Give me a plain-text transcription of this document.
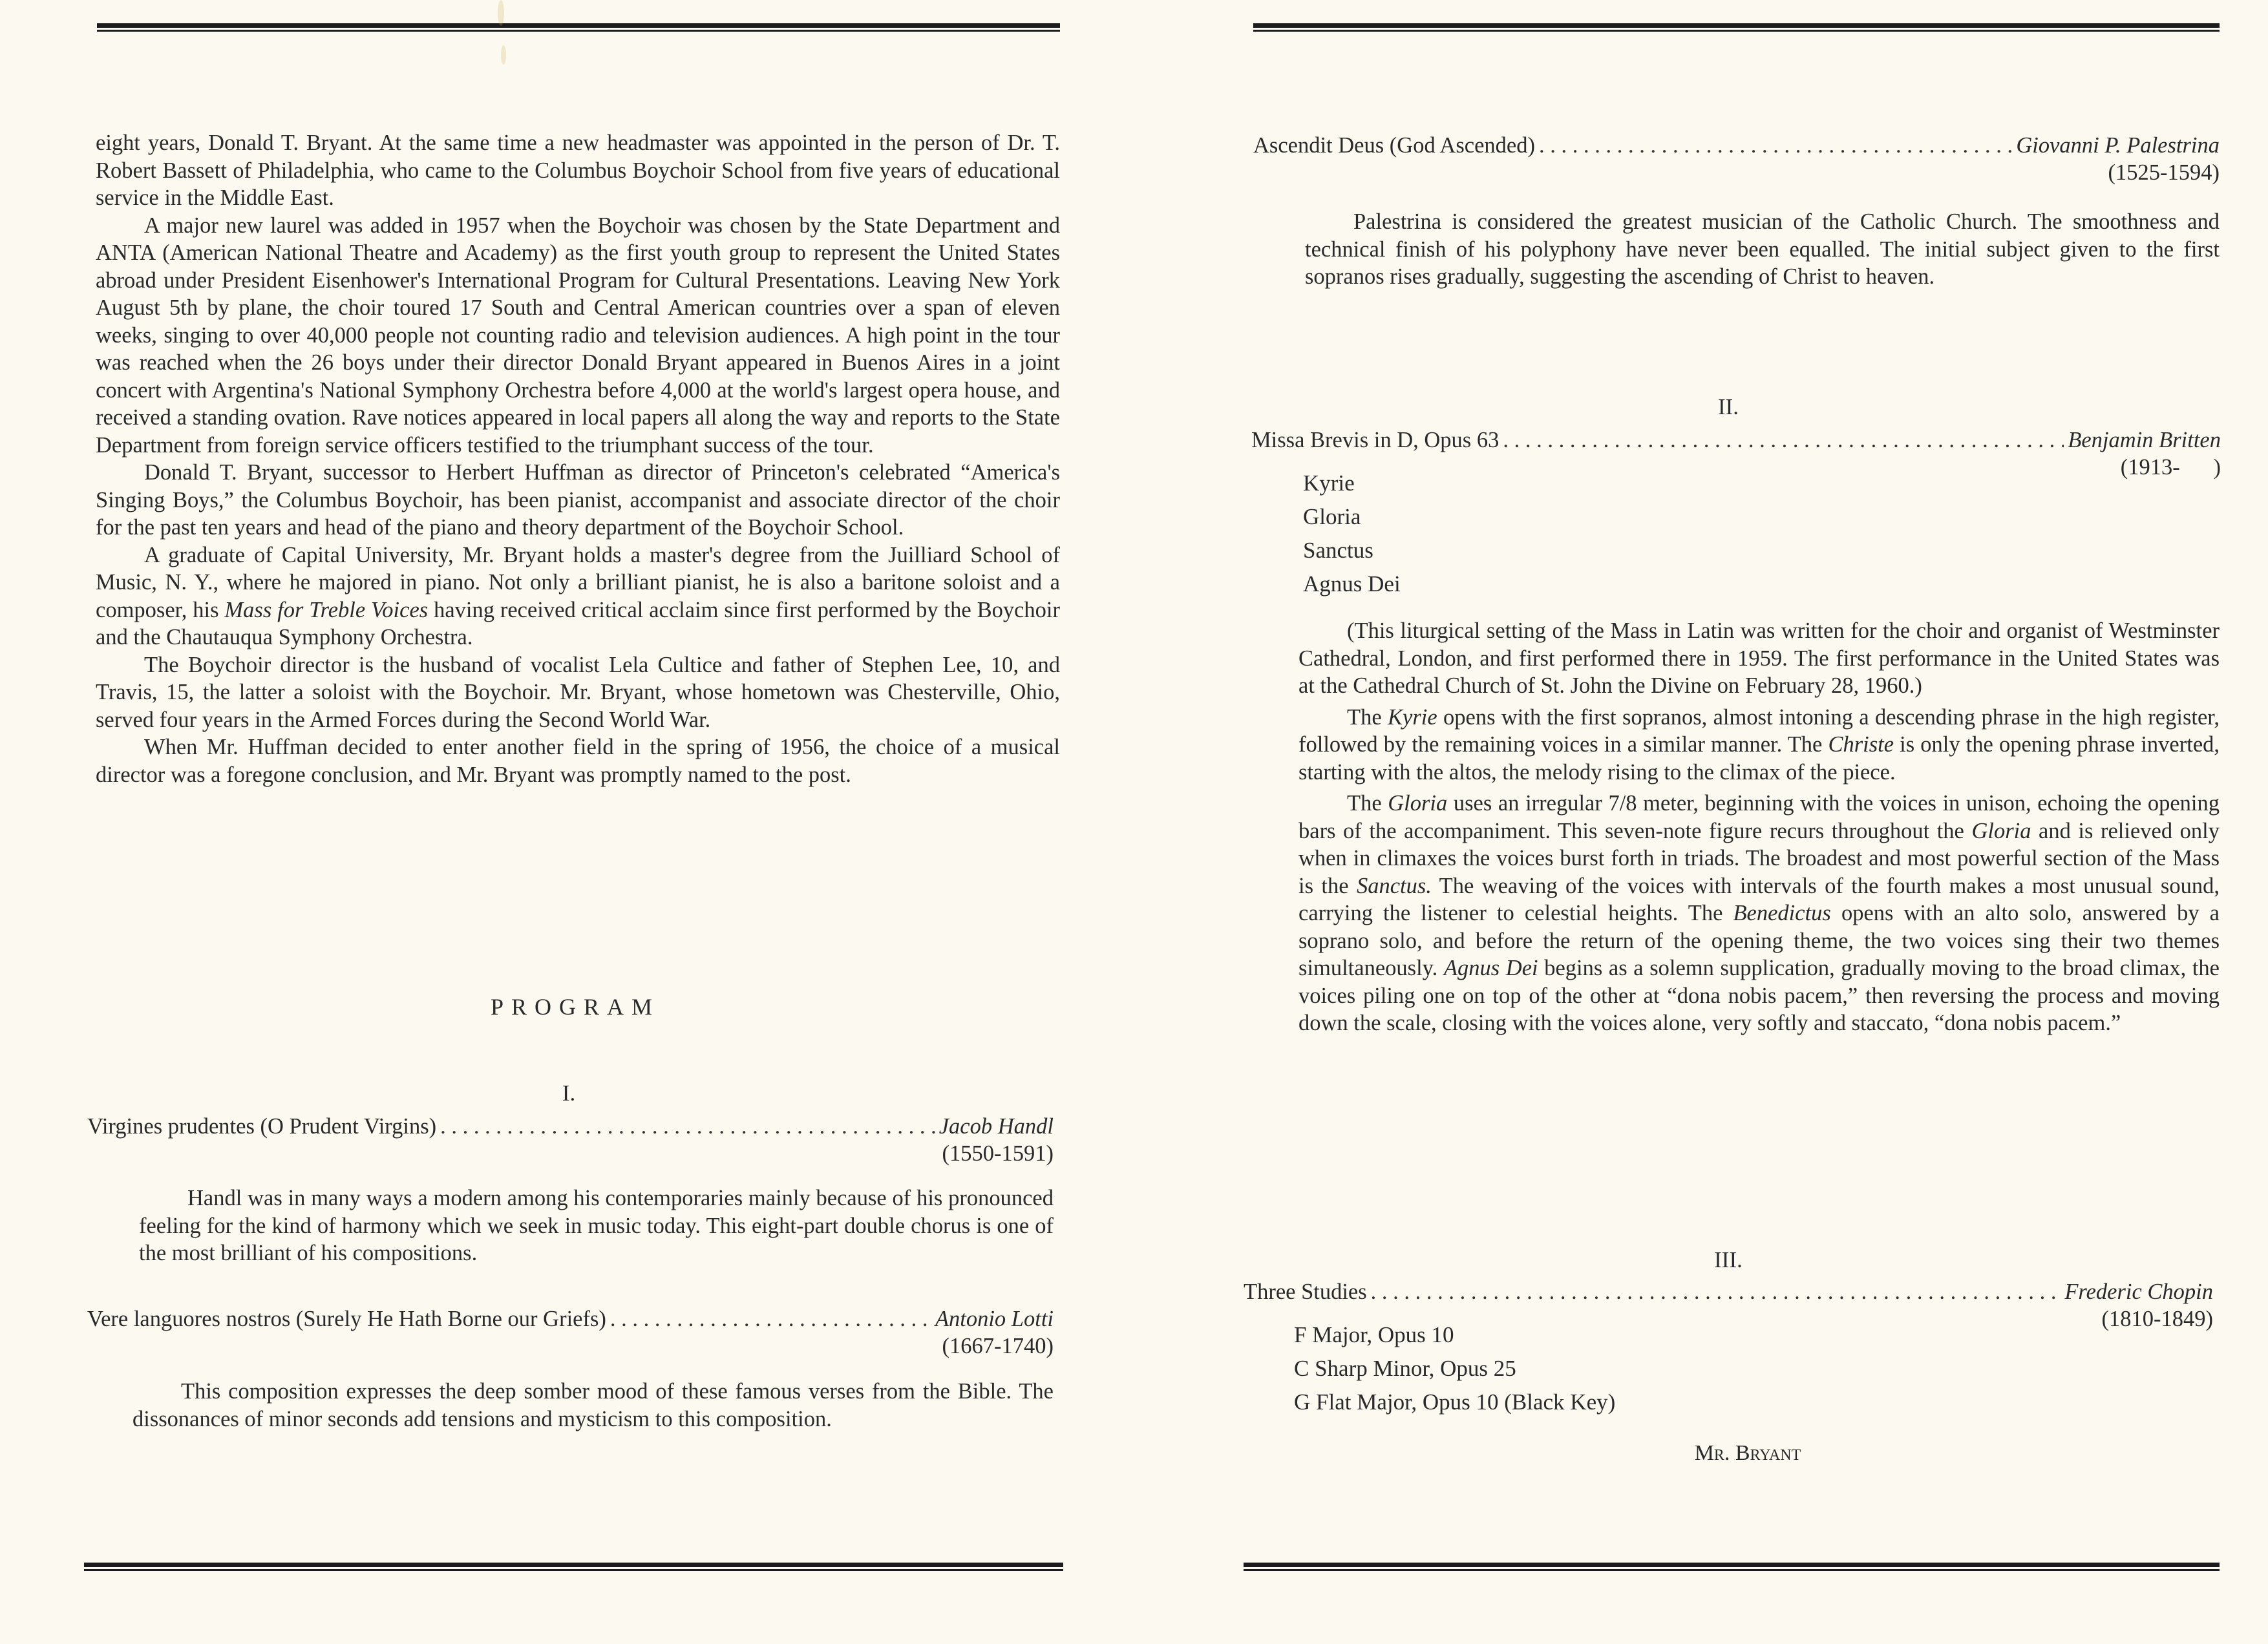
eight years, Donald T. Bryant. At the same time a new headmaster was appointed in the person of Dr. T. Robert Bassett of Philadelphia, who came to the Columbus Boychoir School from five years of educational service in the Middle East.

A major new laurel was added in 1957 when the Boychoir was chosen by the State Department and ANTA (American National Theatre and Academy) as the first youth group to represent the United States abroad under President Eisenhower's International Program for Cultural Presentations. Leaving New York August 5th by plane, the choir toured 17 South and Central American countries over a span of eleven weeks, singing to over 40,000 people not counting radio and television audiences. A high point in the tour was reached when the 26 boys under their director Donald Bryant appeared in Buenos Aires in a joint concert with Argentina's National Symphony Orchestra before 4,000 at the world's largest opera house, and received a standing ovation. Rave notices appeared in local papers all along the way and reports to the State Department from foreign service officers testified to the triumphant success of the tour.

Donald T. Bryant, successor to Herbert Huffman as director of Princeton's celebrated “America's Singing Boys,” the Columbus Boychoir, has been pianist, accompanist and associate director of the choir for the past ten years and head of the piano and theory department of the Boychoir School.

A graduate of Capital University, Mr. Bryant holds a master's degree from the Juilliard School of Music, N. Y., where he majored in piano. Not only a brilliant pianist, he is also a baritone soloist and a composer, his Mass for Treble Voices having received critical acclaim since first performed by the Boychoir and the Chautauqua Symphony Orchestra.

The Boychoir director is the husband of vocalist Lela Cultice and father of Stephen Lee, 10, and Travis, 15, the latter a soloist with the Boychoir. Mr. Bryant, whose hometown was Chesterville, Ohio, served four years in the Armed Forces during the Second World War.

When Mr. Huffman decided to enter another field in the spring of 1956, the choice of a musical director was a foregone conclusion, and Mr. Bryant was promptly named to the post.

PROGRAM
I.
Virgines prudentes (O Prudent Virgins) . . .	Jacob Handl
(1550-1591)

Handl was in many ways a modern among his contemporaries mainly because of his pronounced feeling for the kind of harmony which we seek in music today. This eight-part double chorus is one of the most brilliant of his compositions.

Vere languores nostros (Surely He Hath Borne our Griefs) . . .	Antonio Lotti
(1667-1740)

This composition expresses the deep somber mood of these famous verses from the Bible. The dissonances of minor seconds add tensions and mysticism to this composition.

Ascendit Deus (God Ascended) . . .	Giovanni P. Palestrina
(1525-1594)

Palestrina is considered the greatest musician of the Catholic Church. The smoothness and technical finish of his polyphony have never been equalled. The initial subject given to the first sopranos rises gradually, suggesting the ascending of Christ to heaven.

II.
Missa Brevis in D, Opus 63 . . .	Benjamin Britten
(1913-      )
Kyrie
Gloria
Sanctus
Agnus Dei

(This liturgical setting of the Mass in Latin was written for the choir and organist of Westminster Cathedral, London, and first performed there in 1959. The first performance in the United States was at the Cathedral Church of St. John the Divine on February 28, 1960.)

The Kyrie opens with the first sopranos, almost intoning a descending phrase in the high register, followed by the remaining voices in a similar manner. The Christe is only the opening phrase inverted, starting with the altos, the melody rising to the climax of the piece.

The Gloria uses an irregular 7/8 meter, beginning with the voices in unison, echoing the opening bars of the accompaniment. This seven-note figure recurs throughout the Gloria and is relieved only when in climaxes the voices burst forth in triads. The broadest and most powerful section of the Mass is the Sanctus. The weaving of the voices with intervals of the fourth makes a most unusual sound, carrying the listener to celestial heights. The Benedictus opens with an alto solo, answered by a soprano solo, and before the return of the opening theme, the two voices sing their two themes simultaneously. Agnus Dei begins as a solemn supplication, gradually moving to the broad climax, the voices piling one on top of the other at “dona nobis pacem,” then reversing the process and moving down the scale, closing with the voices alone, very softly and staccato, “dona nobis pacem.”

III.
Three Studies . . .	Frederic Chopin
(1810-1849)
F Major, Opus 10
C Sharp Minor, Opus 25
G Flat Major, Opus 10 (Black Key)
Mr. Bryant
